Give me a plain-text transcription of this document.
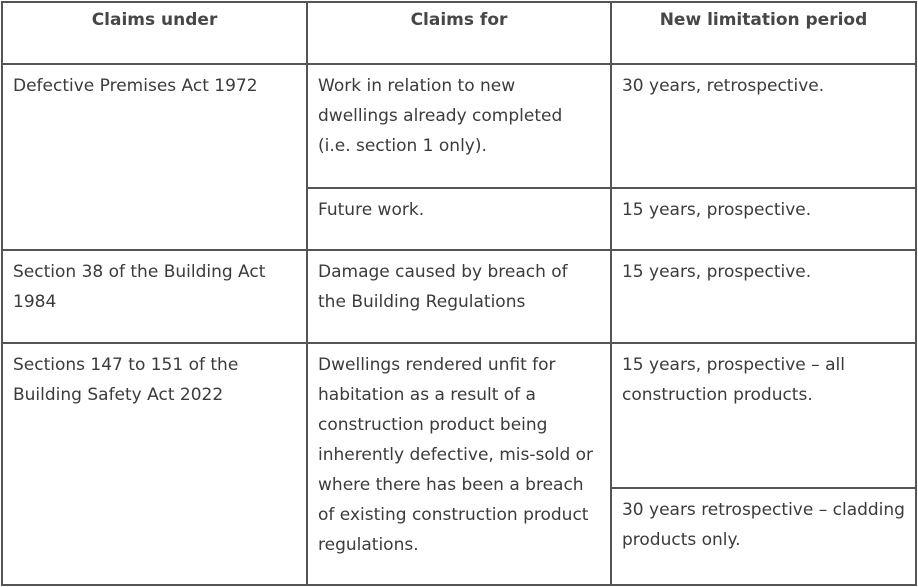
Claims under	Claims for	New limitation period
Defective Premises Act 1972	Work in relation to new dwellings already completed (i.e. section 1 only).	30 years, retrospective.
	Future work.	15 years, prospective.
Section 38 of the Building Act 1984	Damage caused by breach of the Building Regulations	15 years, prospective.
Sections 147 to 151 of the Building Safety Act 2022	Dwellings rendered unfit for habitation as a result of a construction product being inherently defective, mis-sold or where there has been a breach of existing construction product regulations.	15 years, prospective – all construction products.
		30 years retrospective – cladding products only.
